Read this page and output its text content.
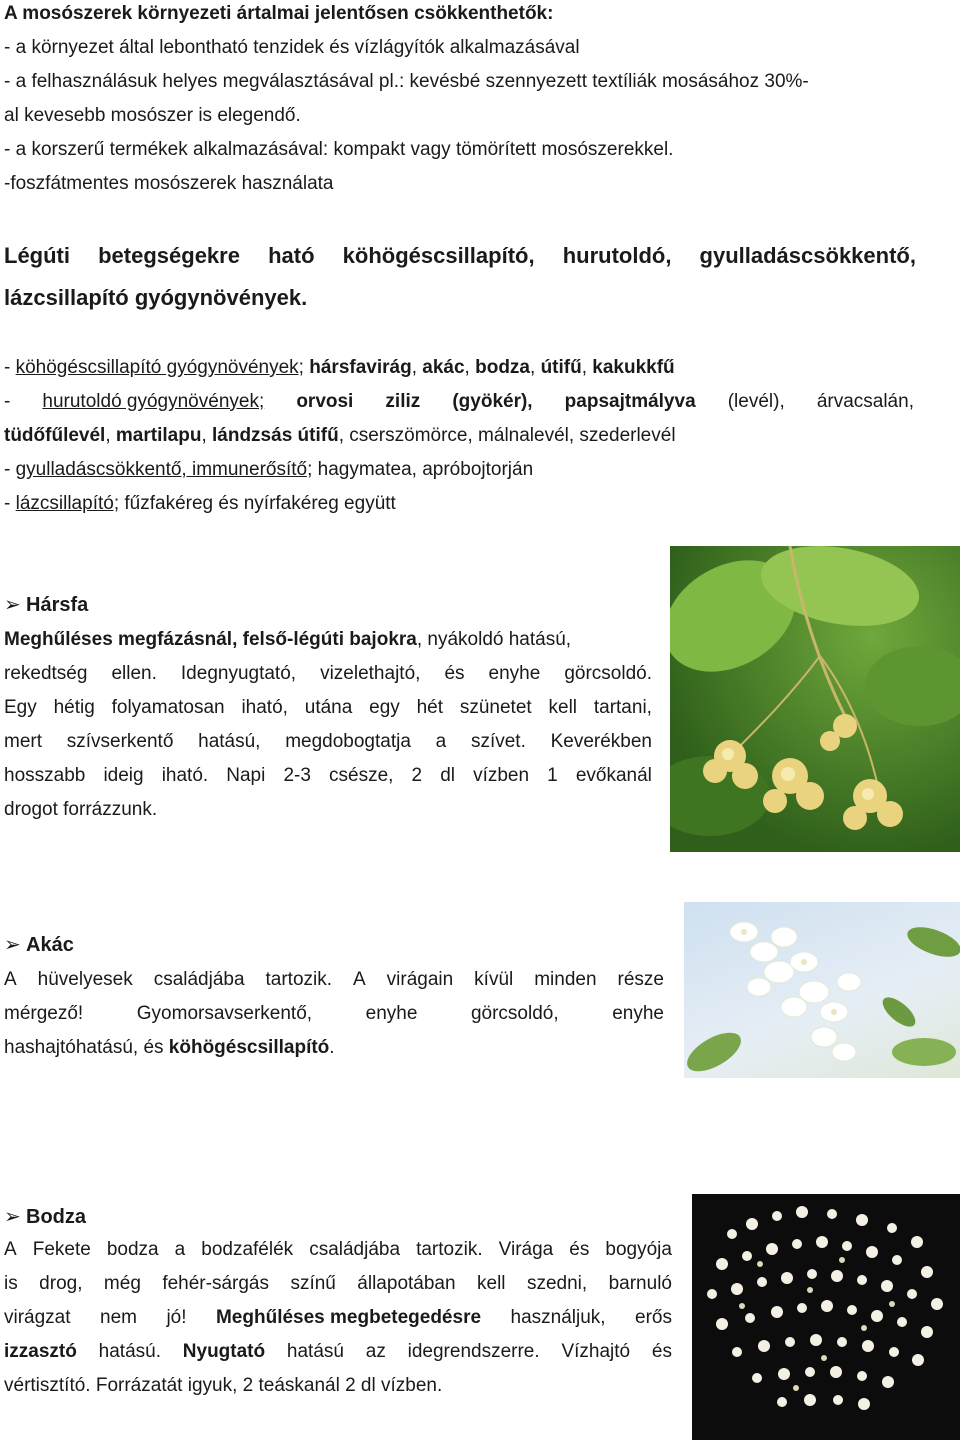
A mosószerek környezeti ártalmai jelentősen csökkenthetők:
- a környezet által lebontható tenzidek és vízlágyítók alkalmazásával
- a felhasználásuk helyes megválasztásával pl.: kevésbé szennyezett textíliák mosásához 30%-
al kevesebb mosószer is elegendő.
- a korszerű termékek alkalmazásával: kompakt vagy tömörített mosószerekkel.
-foszfátmentes mosószerek használata
Légúti betegségekre ható köhögéscsillapító, hurutoldó, gyulladáscsökkentő,
lázcsillapító gyógynövények.
- köhögéscsillapító gyógynövények; hársfavirág, akác, bodza, útifű, kakukkfű
- hurutoldó gyógynövények; orvosi ziliz (gyökér), papsajtmályva (levél), árvacsalán,
tüdőfűlevél, martilapu, lándzsás útifű, cserszömörce, málnalevél, szederlevél
- gyulladáscsökkentő, immunerősítő; hagymatea, apróbojtorján
- lázcsillapító; fűzfakéreg és nyírfakéreg együtt
➢ Hársfa
Meghűléses megfázásnál, felső-légúti bajokra, nyákoldó hatású,
rekedtség ellen. Idegnyugtató, vizelethajtó, és enyhe görcsoldó.
Egy hétig folyamatosan iható, utána egy hét szünetet kell tartani,
mert szívserkentő hatású, megdobogtatja a szívet. Keverékben
hosszabb ideig iható. Napi 2-3 csésze, 2 dl vízben 1 evőkanál
drogot forrázzunk.
➢ Akác
A hüvelyesek családjába tartozik. A virágain kívül minden része
mérgező!	Gyomorsavserkentő,	enyhe	görcsoldó,	enyhe
hashajtóhatású, és köhögéscsillapító.
➢ Bodza
A Fekete bodza a bodzafélék családjába tartozik. Virága és bogyója
is drog, még fehér-sárgás színű állapotában kell szedni, barnuló
virágzat nem jó! Meghűléses megbetegedésre használjuk, erős
izzasztó hatású. Nyugtató hatású az idegrendszerre. Vízhajtó és
vértisztító. Forrázatát igyuk, 2 teáskanál 2 dl vízben.
